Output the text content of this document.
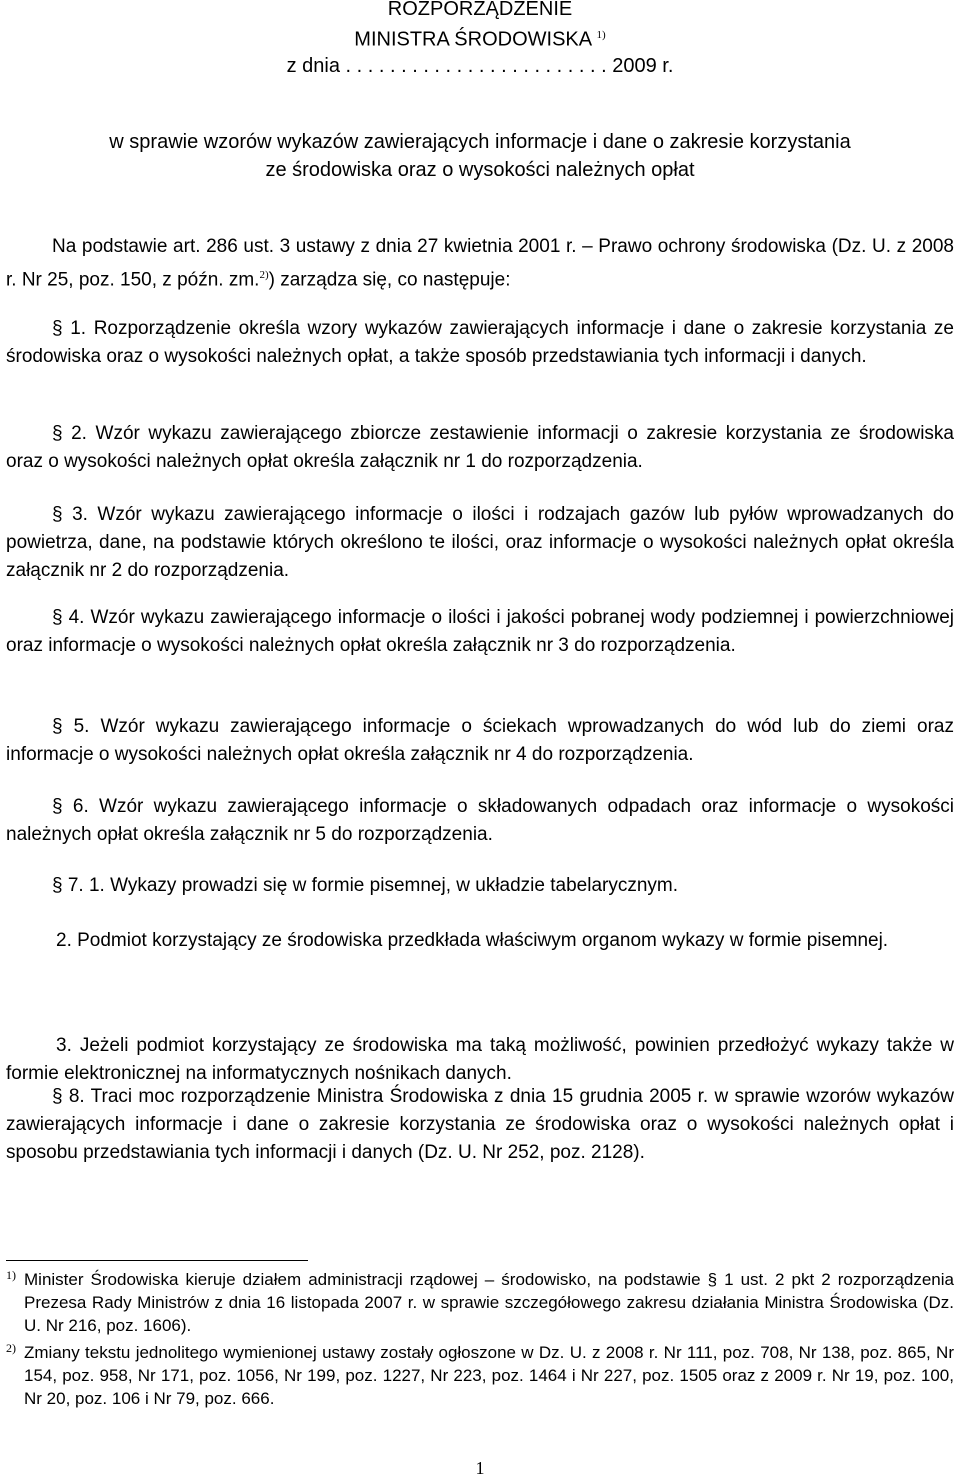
ROZPORZĄDZENIE
MINISTRA ŚRODOWISKA $^{1)}$
z dnia . . . . . . . . . . . . . . . . . . . . . . . . 2009 r.
w sprawie wzorów wykazów zawierających informacje i dane o zakresie korzystania
ze środowiska oraz o wysokości należnych opłat
Na podstawie art. 286 ust. 3 ustawy z dnia 27 kwietnia 2001 r. – Prawo ochrony środowiska (Dz. U. z 2008 r. Nr 25, poz. 150, z późn. zm.$^{2)}$) zarządza się, co następuje:
§ 1. Rozporządzenie określa wzory wykazów zawierających informacje i dane o zakresie korzystania ze środowiska oraz o wysokości należnych opłat, a także sposób przedstawiania tych informacji i danych.
§ 2. Wzór wykazu zawierającego zbiorcze zestawienie informacji o zakresie korzystania ze środowiska oraz o wysokości należnych opłat określa załącznik nr 1 do rozporządzenia.
§ 3. Wzór wykazu zawierającego informacje o ilości i rodzajach gazów lub pyłów wprowadzanych do powietrza, dane, na podstawie których określono te ilości, oraz informacje o wysokości należnych opłat określa załącznik nr 2 do rozporządzenia.
§ 4. Wzór wykazu zawierającego informacje o ilości i jakości pobranej wody podziemnej i powierzchniowej oraz informacje o wysokości należnych opłat określa załącznik nr 3 do rozporządzenia.
§ 5. Wzór wykazu zawierającego informacje o ściekach wprowadzanych do wód lub do ziemi oraz informacje o wysokości należnych opłat określa załącznik nr 4 do rozporządzenia.
§ 6. Wzór wykazu zawierającego informacje o składowanych odpadach oraz informacje o wysokości należnych opłat określa załącznik nr 5 do rozporządzenia.
§ 7. 1. Wykazy prowadzi się w formie pisemnej, w układzie tabelarycznym.
2. Podmiot korzystający ze środowiska przedkłada właściwym organom wykazy w formie pisemnej.
3. Jeżeli podmiot korzystający ze środowiska ma taką możliwość, powinien przedłożyć wykazy także w formie elektronicznej na informatycznych nośnikach danych.
§ 8. Traci moc rozporządzenie Ministra Środowiska z dnia 15 grudnia 2005 r. w sprawie wzorów wykazów zawierających informacje i dane o zakresie korzystania ze środowiska oraz o wysokości należnych opłat i sposobu przedstawiania tych informacji i danych (Dz. U. Nr 252, poz. 2128).
1) Minister Środowiska kieruje działem administracji rządowej – środowisko, na podstawie § 1 ust. 2 pkt 2 rozporządzenia Prezesa Rady Ministrów z dnia 16 listopada 2007 r. w sprawie szczegółowego zakresu działania Ministra Środowiska (Dz. U. Nr 216, poz. 1606).
2) Zmiany tekstu jednolitego wymienionej ustawy zostały ogłoszone w Dz. U. z 2008 r. Nr 111, poz. 708, Nr 138, poz. 865, Nr 154, poz. 958, Nr 171, poz. 1056, Nr 199, poz. 1227, Nr 223, poz. 1464 i Nr 227, poz. 1505 oraz z 2009 r. Nr 19, poz. 100, Nr 20, poz. 106 i Nr 79, poz. 666.
1
